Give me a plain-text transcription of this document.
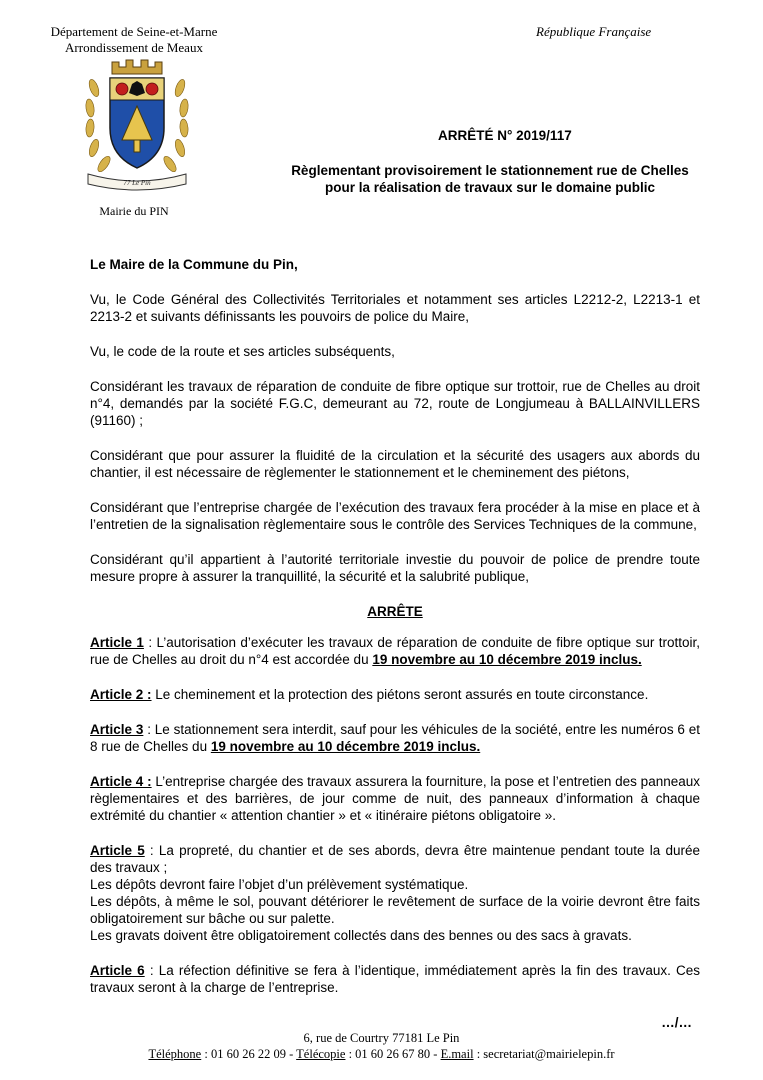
Département de Seine-et-Marne
Arrondissement de Meaux
République Française
77 Le Pin
Mairie du PIN
ARRÊTÉ N° 2019/117
Règlementant provisoirement le stationnement rue de Chelles
pour la réalisation de travaux sur le domaine public

Le Maire de la Commune du Pin,

Vu, le Code Général des Collectivités Territoriales et notamment ses articles L2212-2, L2213-1 et 2213-2 et suivants définissants les pouvoirs de police du Maire,

Vu, le code de la route et ses articles subséquents,

Considérant les travaux de réparation de conduite de fibre optique sur trottoir, rue de Chelles au droit n°4, demandés par la société F.G.C, demeurant au 72, route de Longjumeau à BALLAINVILLERS (91160) ;

Considérant que pour assurer la fluidité de la circulation et la sécurité des usagers aux abords du chantier, il est nécessaire de règlementer le stationnement et le cheminement des piétons,

Considérant que l’entreprise chargée de l’exécution des travaux fera procéder à la mise en place et à l’entretien de la signalisation règlementaire sous le contrôle des Services Techniques de la commune,

Considérant qu’il appartient à l’autorité territoriale investie du pouvoir de police de prendre toute mesure propre à assurer la tranquillité, la sécurité et la salubrité publique,

ARRÊTE

Article 1 : L’autorisation d’exécuter les travaux de réparation de conduite de fibre optique sur trottoir, rue de Chelles au droit du n°4 est accordée du 19 novembre au 10 décembre 2019 inclus.

Article 2 : Le cheminement et la protection des piétons seront assurés en toute circonstance.

Article 3 : Le stationnement sera interdit, sauf pour les véhicules de la société, entre les numéros 6 et 8 rue de Chelles du 19 novembre au 10 décembre 2019 inclus.

Article 4 : L’entreprise chargée des travaux assurera la fourniture, la pose et l’entretien des panneaux règlementaires et des barrières, de jour comme de nuit, des panneaux d’information à chaque extrémité du chantier « attention chantier » et « itinéraire piétons obligatoire ».

Article 5 : La propreté, du chantier et de ses abords, devra être maintenue pendant toute la durée des travaux ;

Les dépôts devront faire l’objet d’un prélèvement systématique.

Les dépôts, à même le sol, pouvant détériorer le revêtement de surface de la voirie devront être faits obligatoirement sur bâche ou sur palette.

Les gravats doivent être obligatoirement collectés dans des bennes ou des sacs à gravats.

Article 6 : La réfection définitive se fera à l’identique, immédiatement après la fin des travaux. Ces travaux seront à la charge de l’entreprise.

…/…

6, rue de Courtry 77181 Le Pin
Téléphone : 01 60 26 22 09 - Télécopie : 01 60 26 67 80 - E.mail : secretariat@mairielepin.fr
